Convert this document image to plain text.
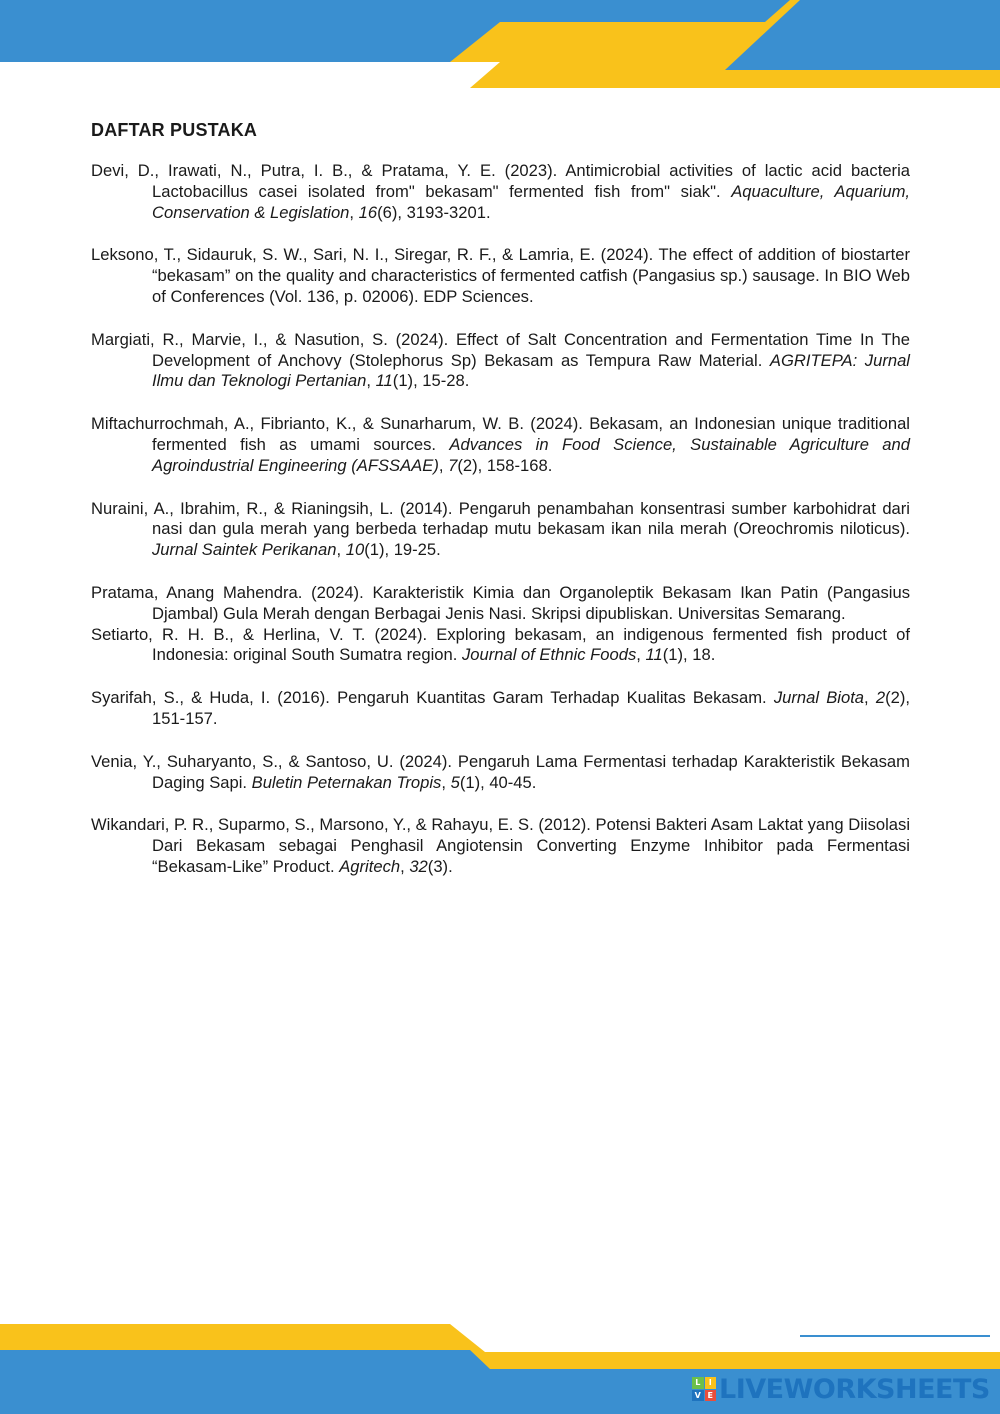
DAFTAR PUSTAKA

Devi, D., Irawati, N., Putra, I. B., & Pratama, Y. E. (2023). Antimicrobial activities of lactic acid bacteria Lactobacillus casei isolated from" bekasam" fermented fish from" siak". Aquaculture, Aquarium, Conservation & Legislation, 16(6), 3193-3201.

Leksono, T., Sidauruk, S. W., Sari, N. I., Siregar, R. F., & Lamria, E. (2024). The effect of addition of biostarter “bekasam” on the quality and characteristics of fermented catfish (Pangasius sp.) sausage. In BIO Web of Conferences (Vol. 136, p. 02006). EDP Sciences.

Margiati, R., Marvie, I., & Nasution, S. (2024). Effect of Salt Concentration and Fermentation Time In The Development of Anchovy (Stolephorus Sp) Bekasam as Tempura Raw Material. AGRITEPA: Jurnal Ilmu dan Teknologi Pertanian, 11(1), 15-28.

Miftachurrochmah, A., Fibrianto, K., & Sunarharum, W. B. (2024). Bekasam, an Indonesian unique traditional fermented fish as umami sources. Advances in Food Science, Sustainable Agriculture and Agroindustrial Engineering (AFSSAAE), 7(2), 158-168.

Nuraini, A., Ibrahim, R., & Rianingsih, L. (2014). Pengaruh penambahan konsentrasi sumber karbohidrat dari nasi dan gula merah yang berbeda terhadap mutu bekasam ikan nila merah (Oreochromis niloticus). Jurnal Saintek Perikanan, 10(1), 19-25.

Pratama, Anang Mahendra. (2024). Karakteristik Kimia dan Organoleptik Bekasam Ikan Patin (Pangasius Djambal) Gula Merah dengan Berbagai Jenis Nasi. Skripsi dipubliskan. Universitas Semarang.

Setiarto, R. H. B., & Herlina, V. T. (2024). Exploring bekasam, an indigenous fermented fish product of Indonesia: original South Sumatra region. Journal of Ethnic Foods, 11(1), 18.

Syarifah, S., & Huda, I. (2016). Pengaruh Kuantitas Garam Terhadap Kualitas Bekasam. Jurnal Biota, 2(2), 151-157.

Venia, Y., Suharyanto, S., & Santoso, U. (2024). Pengaruh Lama Fermentasi terhadap Karakteristik Bekasam Daging Sapi. Buletin Peternakan Tropis, 5(1), 40-45.

Wikandari, P. R., Suparmo, S., Marsono, Y., & Rahayu, E. S. (2012). Potensi Bakteri Asam Laktat yang Diisolasi Dari Bekasam sebagai Penghasil Angiotensin Converting Enzyme Inhibitor pada Fermentasi “Bekasam-Like” Product. Agritech, 32(3).

L	I
V E LIVEWORKSHEETS
